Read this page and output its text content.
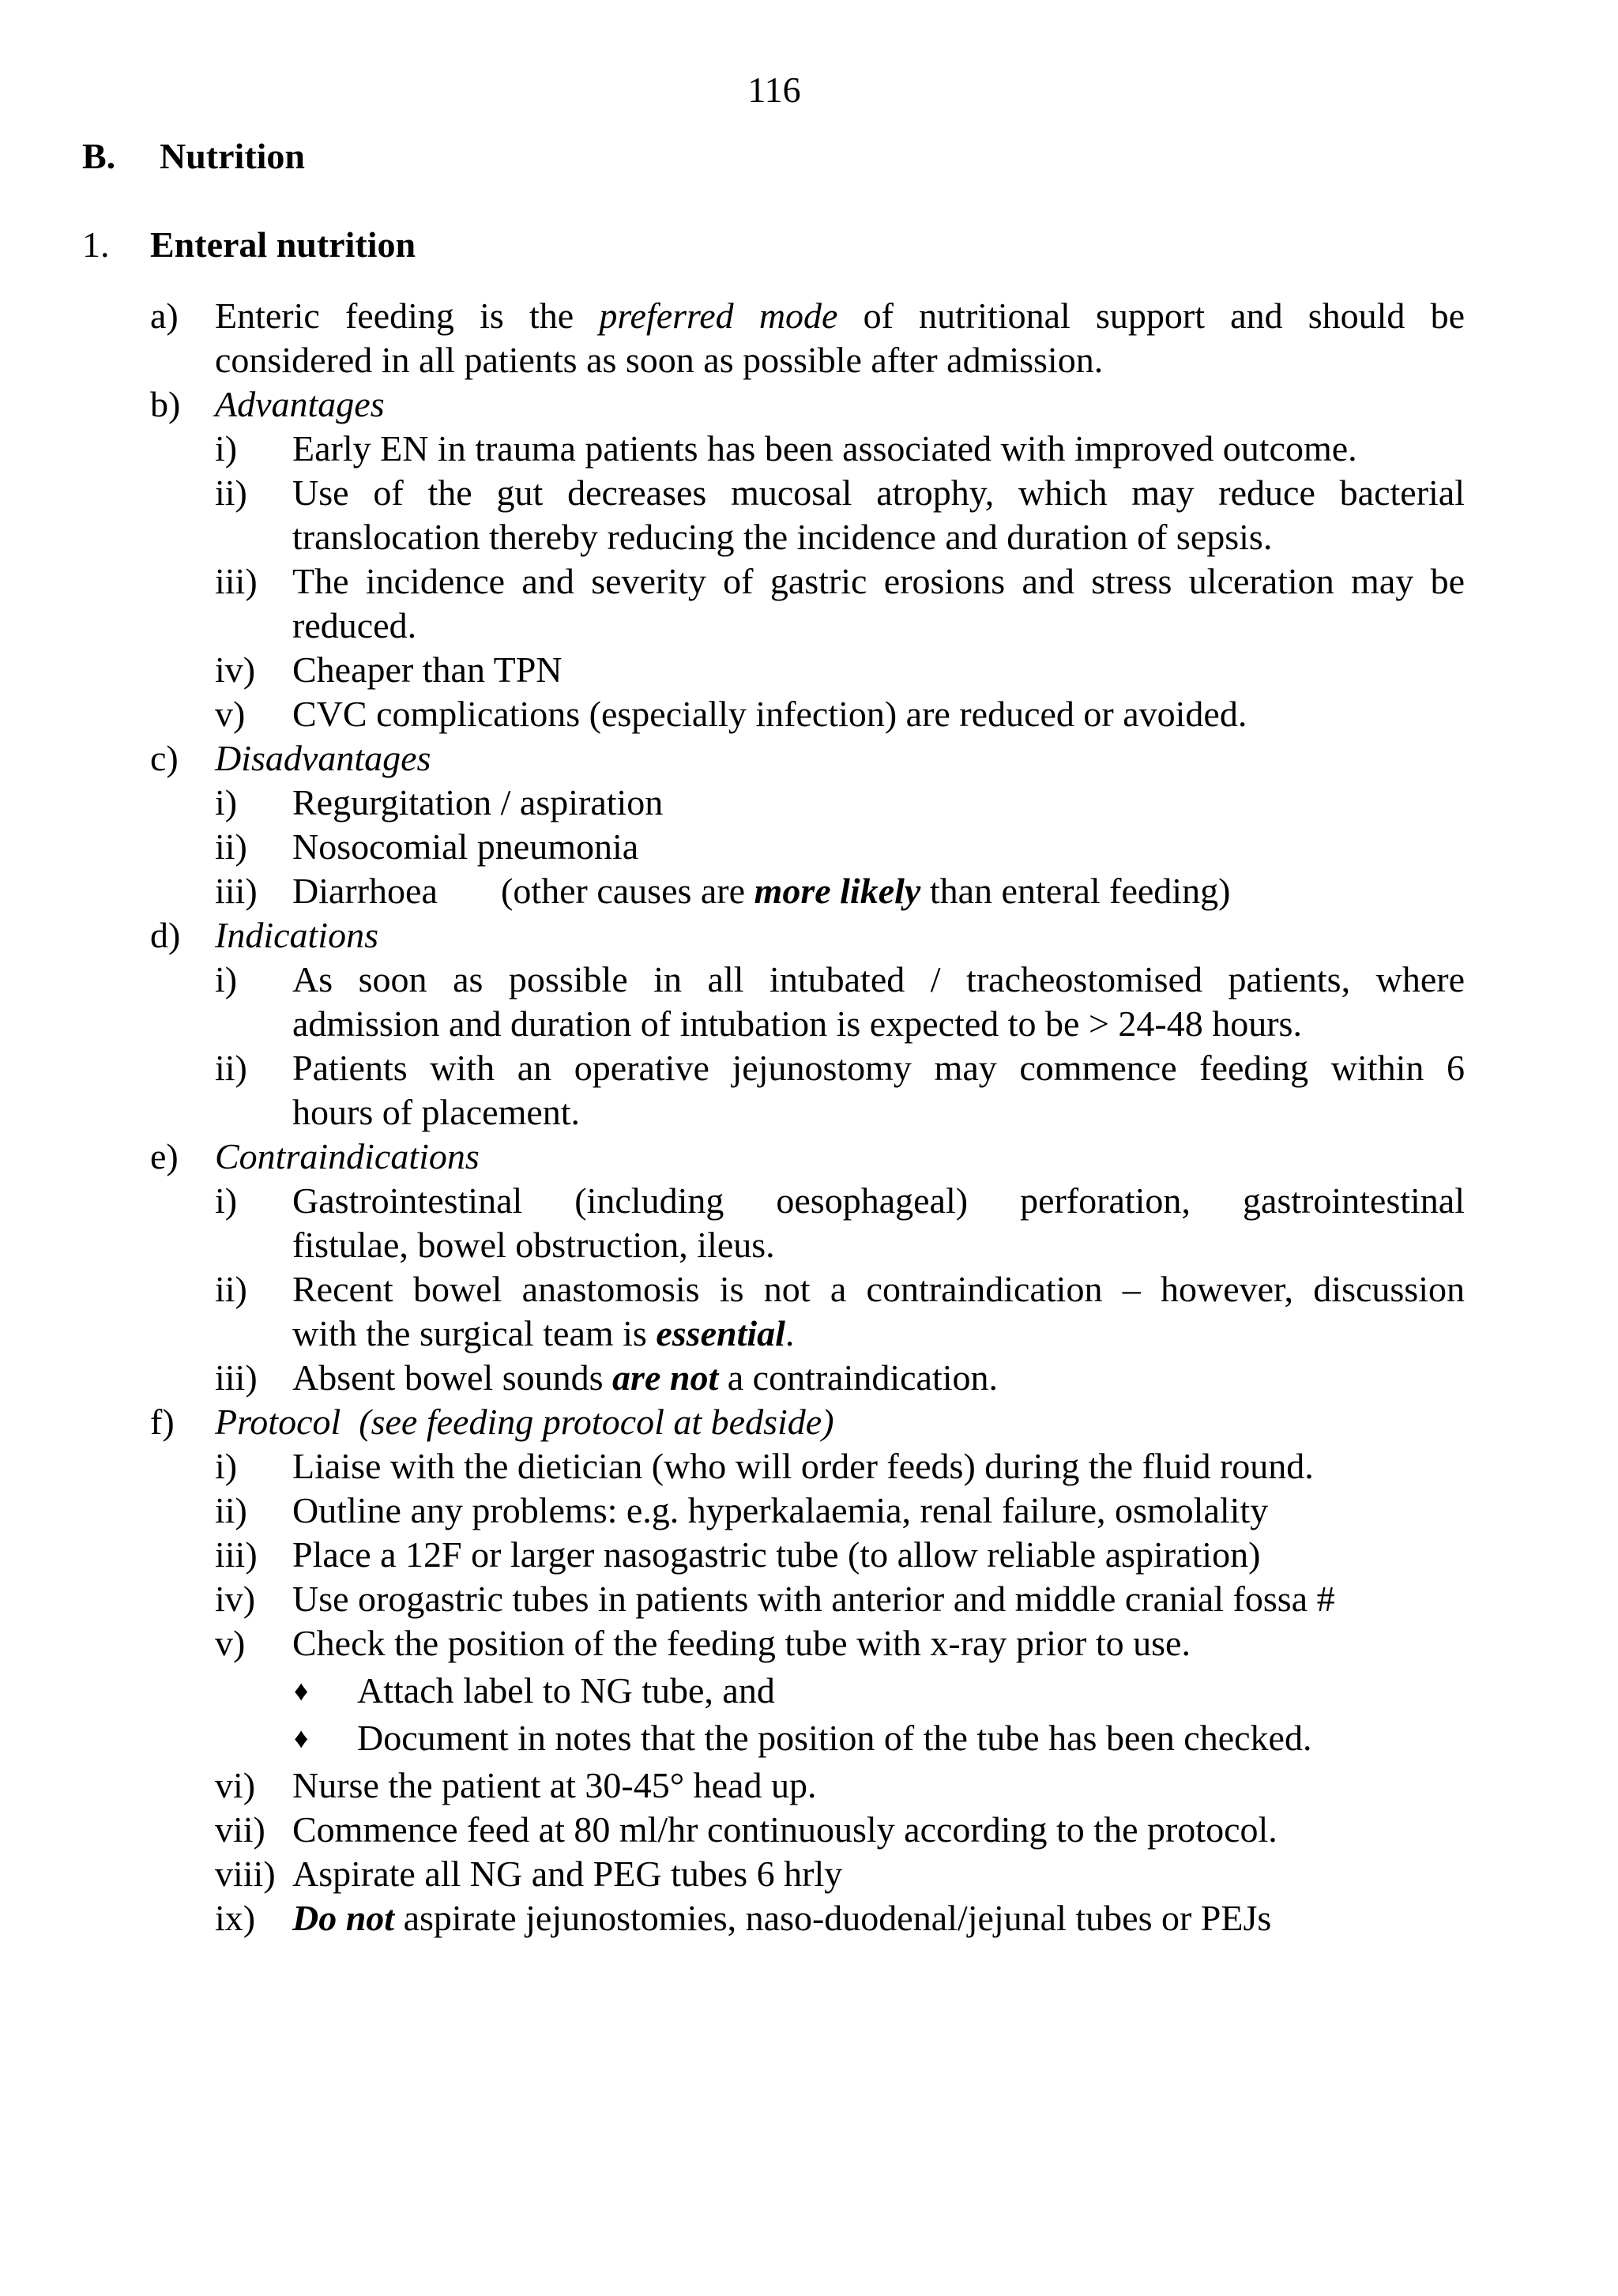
116
B. Nutrition
1. Enteral nutrition
a) Enteric feeding is the preferred mode of nutritional support and should be
considered in all patients as soon as possible after admission.
b) Advantages
i) Early EN in trauma patients has been associated with improved outcome.
ii) Use of the gut decreases mucosal atrophy, which may reduce bacterial
translocation thereby reducing the incidence and duration of sepsis.
iii) The incidence and severity of gastric erosions and stress ulceration may be
reduced.
iv) Cheaper than TPN
v) CVC complications (especially infection) are reduced or avoided.
c) Disadvantages
i) Regurgitation / aspiration
ii) Nosocomial pneumonia
iii) Diarrhoea (other causes are more likely than enteral feeding)
d) Indications
i) As soon as possible in all intubated / tracheostomised patients, where
admission and duration of intubation is expected to be > 24-48 hours.
ii) Patients with an operative jejunostomy may commence feeding within 6
hours of placement.
e) Contraindications
i) Gastrointestinal (including oesophageal) perforation, gastrointestinal
fistulae, bowel obstruction, ileus.
ii) Recent bowel anastomosis is not a contraindication – however, discussion
with the surgical team is essential.
iii) Absent bowel sounds are not a contraindication.
f) Protocol (see feeding protocol at bedside)
i) Liaise with the dietician (who will order feeds) during the fluid round.
ii) Outline any problems: e.g. hyperkalaemia, renal failure, osmolality
iii) Place a 12F or larger nasogastric tube (to allow reliable aspiration)
iv) Use orogastric tubes in patients with anterior and middle cranial fossa #
v) Check the position of the feeding tube with x-ray prior to use.
♦ Attach label to NG tube, and
♦ Document in notes that the position of the tube has been checked.
vi) Nurse the patient at 30-45° head up.
vii) Commence feed at 80 ml/hr continuously according to the protocol.
viii) Aspirate all NG and PEG tubes 6 hrly
ix) Do not aspirate jejunostomies, naso-duodenal/jejunal tubes or PEJs
